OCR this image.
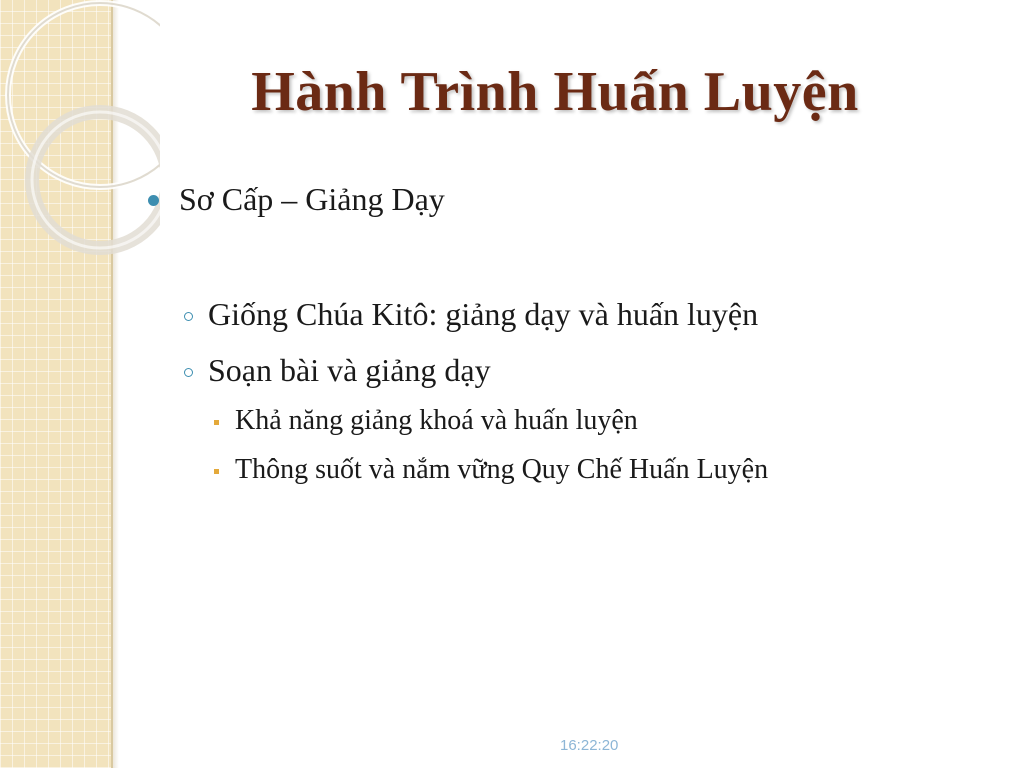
Hành Trình Huấn Luyện
Sơ Cấp – Giảng Dạy
Giống Chúa Kitô: giảng dạy và huấn luyện
Soạn bài và giảng dạy
Khả năng giảng khoá và huấn luyện
Thông suốt và nắm vững Quy Chế Huấn Luyện
16:22:20
